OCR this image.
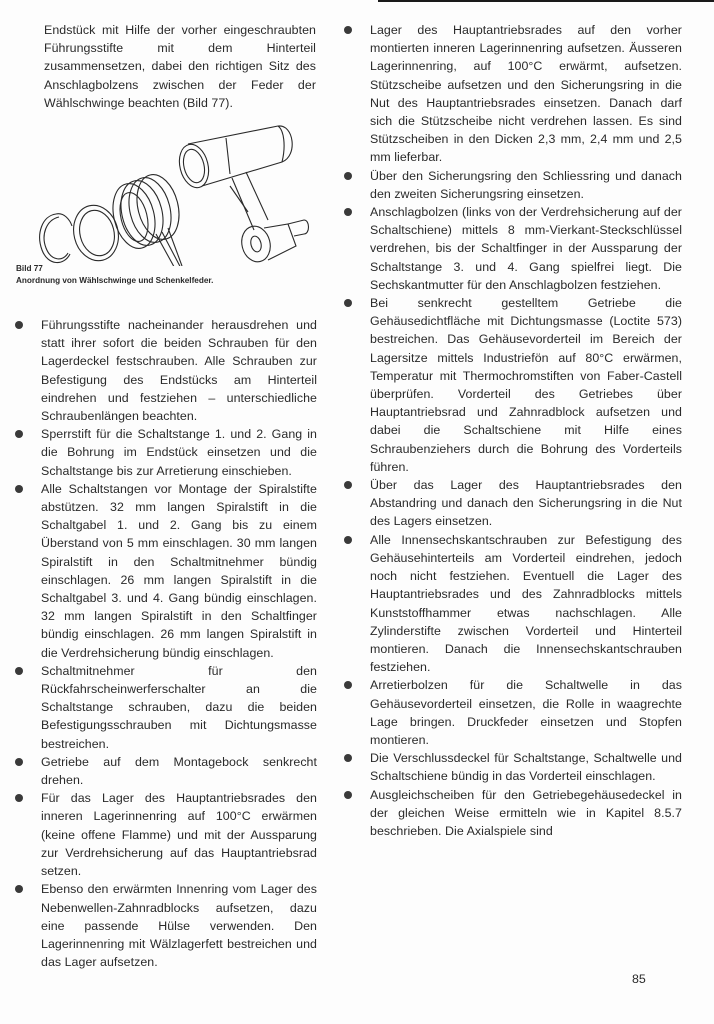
Endstück mit Hilfe der vorher eingeschraubten Führungsstifte mit dem Hinterteil zusammensetzen, dabei den richtigen Sitz des Anschlagbolzens zwischen der Feder der Wählschwinge beachten (Bild 77).

Bild 77
Anordnung von Wählschwinge und Schenkelfeder.

Führungsstifte nacheinander herausdrehen und statt ihrer sofort die beiden Schrauben für den Lagerdeckel festschrauben. Alle Schrauben zur Befestigung des Endstücks am Hinterteil eindrehen und festziehen – unterschiedliche Schraubenlängen beachten.

Sperrstift für die Schaltstange 1. und 2. Gang in die Bohrung im Endstück einsetzen und die Schaltstange bis zur Arretierung einschieben.

Alle Schaltstangen vor Montage der Spiralstifte abstützen. 32 mm langen Spiralstift in die Schaltgabel 1. und 2. Gang bis zu einem Überstand von 5 mm einschlagen. 30 mm langen Spiralstift in den Schaltmitnehmer bündig einschlagen. 26 mm langen Spiralstift in die Schaltgabel 3. und 4. Gang bündig einschlagen. 32 mm langen Spiralstift in den Schaltfinger bündig einschlagen. 26 mm langen Spiralstift in die Verdrehsicherung bündig einschlagen.

Schaltmitnehmer für den Rückfahrscheinwerferschalter an die Schaltstange schrauben, dazu die beiden Befestigungsschrauben mit Dichtungsmasse bestreichen.

Getriebe auf dem Montagebock senkrecht drehen.

Für das Lager des Hauptantriebsrades den inneren Lagerinnenring auf 100°C erwärmen (keine offene Flamme) und mit der Aussparung zur Verdrehsicherung auf das Hauptantriebsrad setzen.

Ebenso den erwärmten Innenring vom Lager des Nebenwellen-Zahnradblocks aufsetzen, dazu eine passende Hülse verwenden. Den Lagerinnenring mit Wälzlagerfett bestreichen und das Lager aufsetzen.

Lager des Hauptantriebsrades auf den vorher montierten inneren Lagerinnenring aufsetzen. Äusseren Lagerinnenring, auf 100°C erwärmt, aufsetzen. Stützscheibe aufsetzen und den Sicherungsring in die Nut des Hauptantriebsrades einsetzen. Danach darf sich die Stützscheibe nicht verdrehen lassen. Es sind Stützscheiben in den Dicken 2,3 mm, 2,4 mm und 2,5 mm lieferbar.

Über den Sicherungsring den Schliessring und danach den zweiten Sicherungsring einsetzen.

Anschlagbolzen (links von der Verdrehsicherung auf der Schaltschiene) mittels 8 mm-Vierkant-Steckschlüssel verdrehen, bis der Schaltfinger in der Aussparung der Schaltstange 3. und 4. Gang spielfrei liegt. Die Sechskantmutter für den Anschlagbolzen festziehen.

Bei senkrecht gestelltem Getriebe die Gehäusedichtfläche mit Dichtungsmasse (Loctite 573) bestreichen. Das Gehäusevorderteil im Bereich der Lagersitze mittels Industriefön auf 80°C erwärmen, Temperatur mit Thermochromstiften von Faber-Castell überprüfen. Vorderteil des Getriebes über Hauptantriebsrad und Zahnradblock aufsetzen und dabei die Schaltschiene mit Hilfe eines Schraubenziehers durch die Bohrung des Vorderteils führen.

Über das Lager des Hauptantriebsrades den Abstandring und danach den Sicherungsring in die Nut des Lagers einsetzen.

Alle Innensechskantschrauben zur Befestigung des Gehäusehinterteils am Vorderteil eindrehen, jedoch noch nicht festziehen. Eventuell die Lager des Hauptantriebsrades und des Zahnradblocks mittels Kunststoffhammer etwas nachschlagen. Alle Zylinderstifte zwischen Vorderteil und Hinterteil montieren. Danach die Innensechskantschrauben festziehen.

Arretierbolzen für die Schaltwelle in das Gehäusevorderteil einsetzen, die Rolle in waagrechte Lage bringen. Druckfeder einsetzen und Stopfen montieren.

Die Verschlussdeckel für Schaltstange, Schaltwelle und Schaltschiene bündig in das Vorderteil einschlagen.

Ausgleichscheiben für den Getriebegehäusedeckel in der gleichen Weise ermitteln wie in Kapitel 8.5.7 beschrieben. Die Axialspiele sind

85
